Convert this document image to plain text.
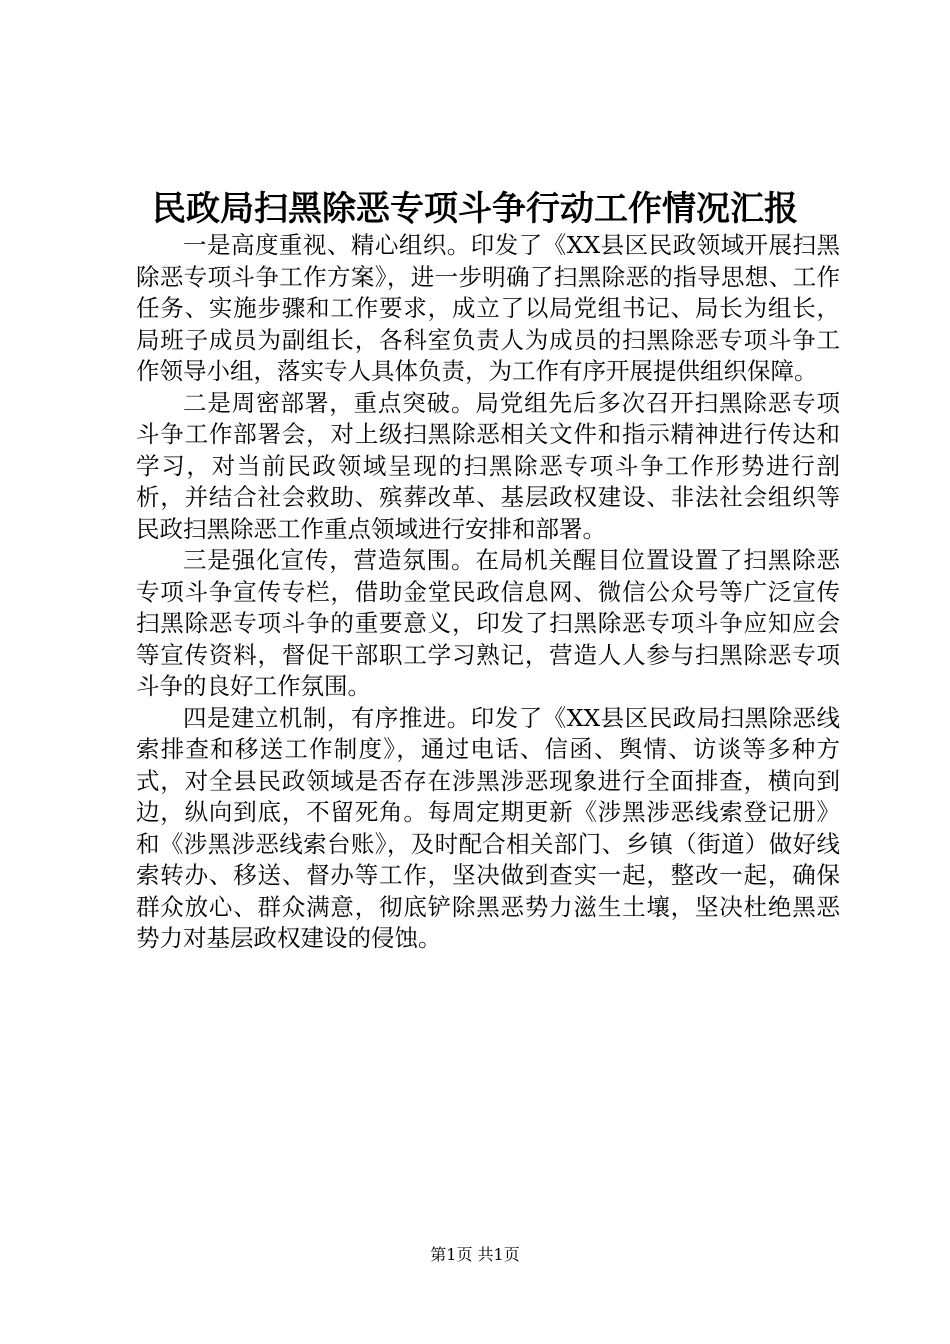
民政局扫黑除恶专项斗争行动工作情况汇报

一是高度重视、精心组织。印发了《XX县区民政领域开展扫黑除恶专项斗争工作方案》，进一步明确了扫黑除恶的指导思想、工作任务、实施步骤和工作要求，成立了以局党组书记、局长为组长，局班子成员为副组长，各科室负责人为成员的扫黑除恶专项斗争工作领导小组，落实专人具体负责，为工作有序开展提供组织保障。

二是周密部署，重点突破。局党组先后多次召开扫黑除恶专项斗争工作部署会，对上级扫黑除恶相关文件和指示精神进行传达和学习，对当前民政领域呈现的扫黑除恶专项斗争工作形势进行剖析，并结合社会救助、殡葬改革、基层政权建设、非法社会组织等民政扫黑除恶工作重点领域进行安排和部署。

三是强化宣传，营造氛围。在局机关醒目位置设置了扫黑除恶专项斗争宣传专栏，借助金堂民政信息网、微信公众号等广泛宣传扫黑除恶专项斗争的重要意义，印发了扫黑除恶专项斗争应知应会等宣传资料，督促干部职工学习熟记，营造人人参与扫黑除恶专项斗争的良好工作氛围。

四是建立机制，有序推进。印发了《XX县区民政局扫黑除恶线索排查和移送工作制度》，通过电话、信函、舆情、访谈等多种方式，对全县民政领域是否存在涉黑涉恶现象进行全面排查，横向到边，纵向到底，不留死角。每周定期更新《涉黑涉恶线索登记册》和《涉黑涉恶线索台账》，及时配合相关部门、乡镇（街道）做好线索转办、移送、督办等工作，坚决做到查实一起，整改一起，确保群众放心、群众满意，彻底铲除黑恶势力滋生土壤，坚决杜绝黑恶势力对基层政权建设的侵蚀。

第1页 共1页
